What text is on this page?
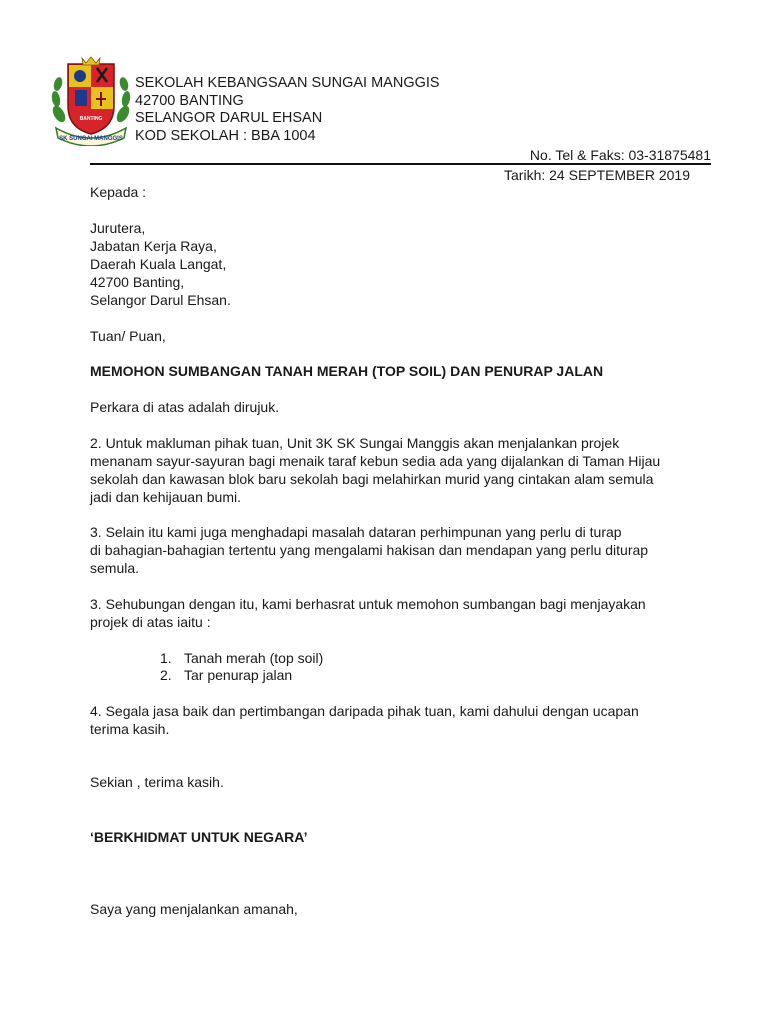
SK SUNGAI MANGGIS
BANTING
SEKOLAH KEBANGSAAN SUNGAI MANGGIS
42700 BANTING
SELANGOR DARUL EHSAN
KOD SEKOLAH : BBA 1004
No. Tel & Faks: 03-31875481
Tarikh: 24 SEPTEMBER 2019
Kepada :
Jurutera,
Jabatan Kerja Raya,
Daerah Kuala Langat,
42700 Banting,
Selangor Darul Ehsan.
Tuan/ Puan,
MEMOHON SUMBANGAN TANAH MERAH (TOP SOIL) DAN PENURAP JALAN
Perkara di atas adalah dirujuk.
2. Untuk makluman pihak tuan, Unit 3K SK Sungai Manggis akan menjalankan projek
menanam sayur-sayuran bagi menaik taraf kebun sedia ada yang dijalankan di Taman Hijau
sekolah dan kawasan blok baru sekolah bagi melahirkan murid yang cintakan alam semula
jadi dan kehijauan bumi.
3. Selain itu kami juga menghadapi masalah dataran perhimpunan yang perlu di turap
di bahagian-bahagian tertentu yang mengalami hakisan dan mendapan yang perlu diturap
semula.
3. Sehubungan dengan itu, kami berhasrat untuk memohon sumbangan bagi menjayakan
projek di atas iaitu :
1. Tanah merah (top soil)
2. Tar penurap jalan
4. Segala jasa baik dan pertimbangan daripada pihak tuan, kami dahului dengan ucapan
terima kasih.
Sekian , terima kasih.
‘BERKHIDMAT UNTUK NEGARA’
Saya yang menjalankan amanah,
